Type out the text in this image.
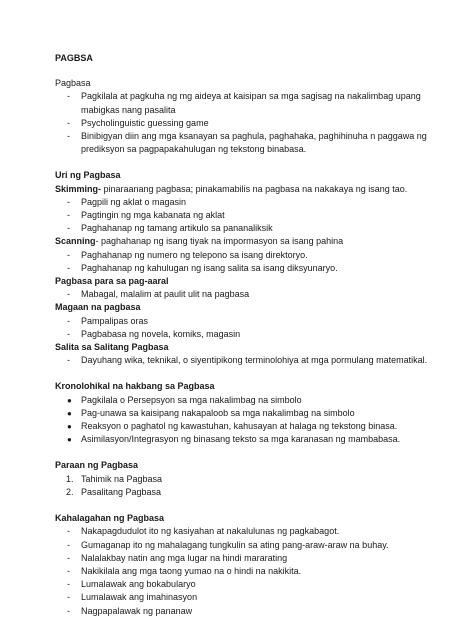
PAGBSA
Pagbasa
-	Pagkilala at pagkuha ng mg aideya at kaisipan sa mga sagisag na nakalimbag upang mabigkas nang pasalita
-	Psycholinguistic guessing game
-	Binibigyan diin ang mga ksanayan sa paghula, paghahaka, paghihinuha n paggawa ng prediksyon sa pagpapakahulugan ng tekstong binabasa.
Uri ng Pagbasa
Skimming- pinaraanang pagbasa; pinakamabilis na pagbasa na nakakaya ng isang tao.
-	Pagpili ng aklat o magasin
-	Pagtingin ng mga kabanata ng aklat
-	Paghahanap ng tamang artikulo sa pananaliksik
Scanning- paghahanap ng isang tiyak na impormasyon sa isang pahina
-	Paghahanap ng numero ng telepono sa isang direktoryo.
-	Paghahanap ng kahulugan ng isang salita sa isang diksyunaryo.
Pagbasa para sa pag-aaral
-	Mabagal, malalim at paulit ulit na pagbasa
Magaan na pagbasa
-	Pampalipas oras
-	Pagbabasa ng novela, komiks, magasin
Salita sa Salitang Pagbasa
-	Dayuhang wika, teknikal, o siyentipikong terminolohiya at mga pormulang matematikal.
Kronolohikal na hakbang sa Pagbasa
●	Pagkilala o Persepsyon sa mga nakalimbag na simbolo
●	Pag-unawa sa kaisipang nakapaloob sa mga nakalimbag na simbolo
●	Reaksyon o paghatol ng kawastuhan, kahusayan at halaga ng tekstong binasa.
●	Asimilasyon/Integrasyon ng binasang teksto sa mga karanasan ng mambabasa.
Paraan ng Pagbasa
1. Tahimik na Pagbasa
2. Pasalitang Pagbasa
Kahalagahan ng Pagbasa
-	Nakapagdudulot ito ng kasiyahan at nakalulunas ng pagkabagot.
-	Gumaganap ito ng mahalagang tungkulin sa ating pang-araw-araw na buhay.
-	Nalalakbay natin ang mga lugar na hindi mararating
-	Nakikilala ang mga taong yumao na o hindi na nakikita.
-	Lumalawak ang bokabularyo
-	Lumalawak ang imahinasyon
-	Nagpapalawak ng pananaw
